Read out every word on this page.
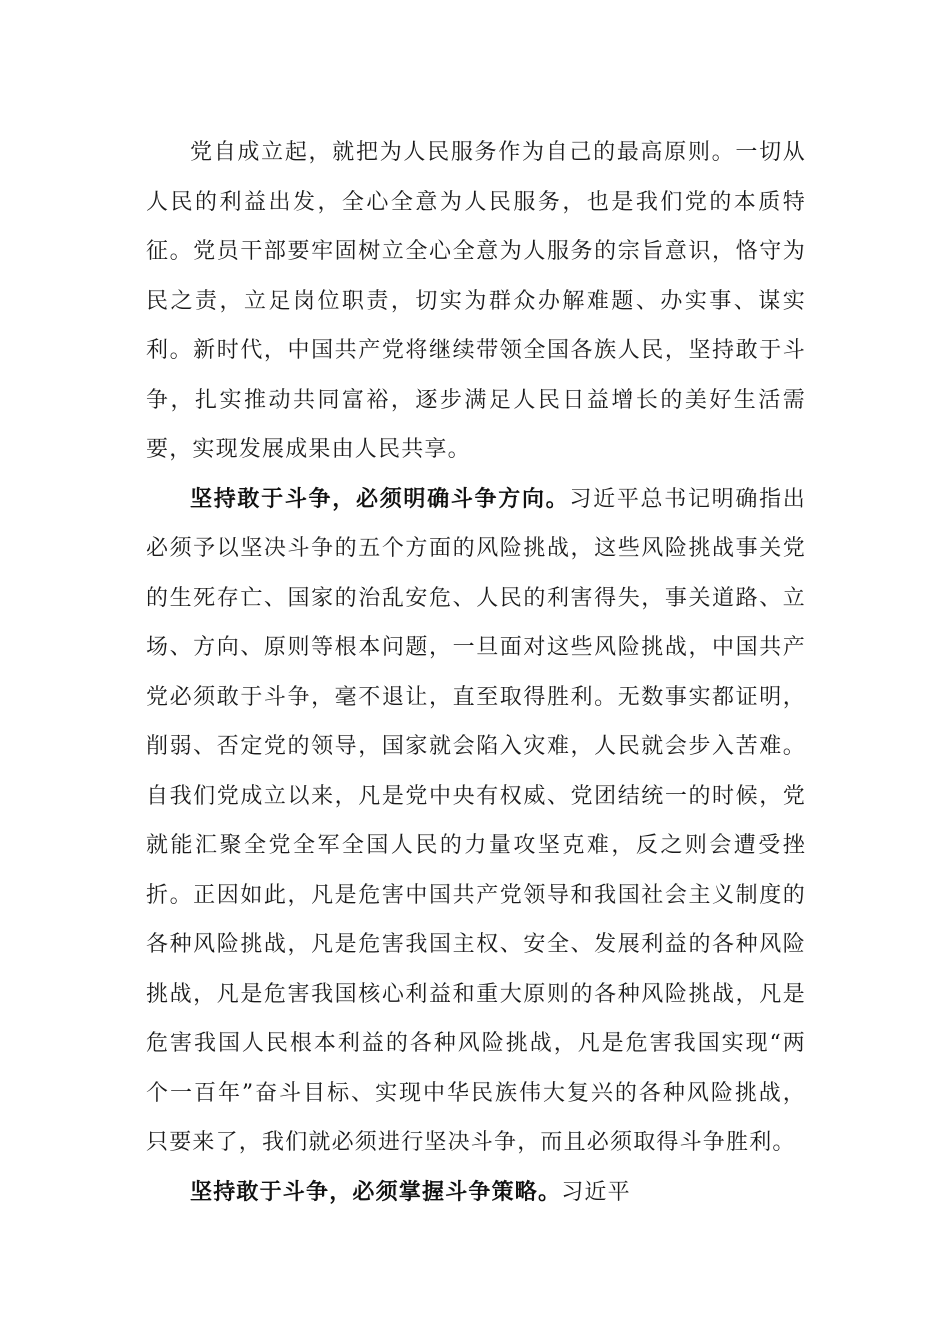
党自成立起，就把为人民服务作为自己的最高原则。一切从人民的利益出发，全心全意为人民服务，也是我们党的本质特征。党员干部要牢固树立全心全意为人服务的宗旨意识，恪守为民之责，立足岗位职责，切实为群众办解难题、办实事、谋实利。新时代，中国共产党将继续带领全国各族人民，坚持敢于斗争，扎实推动共同富裕，逐步满足人民日益增长的美好生活需要，实现发展成果由人民共享。

坚持敢于斗争，必须明确斗争方向。习近平总书记明确指出必须予以坚决斗争的五个方面的风险挑战，这些风险挑战事关党的生死存亡、国家的治乱安危、人民的利害得失，事关道路、立场、方向、原则等根本问题，一旦面对这些风险挑战，中国共产党必须敢于斗争，毫不退让，直至取得胜利。无数事实都证明，削弱、否定党的领导，国家就会陷入灾难，人民就会步入苦难。自我们党成立以来，凡是党中央有权威、党团结统一的时候，党就能汇聚全党全军全国人民的力量攻坚克难，反之则会遭受挫折。正因如此，凡是危害中国共产党领导和我国社会主义制度的各种风险挑战，凡是危害我国主权、安全、发展利益的各种风险挑战，凡是危害我国核心利益和重大原则的各种风险挑战，凡是危害我国人民根本利益的各种风险挑战，凡是危害我国实现“两个一百年”奋斗目标、实现中华民族伟大复兴的各种风险挑战，只要来了，我们就必须进行坚决斗争，而且必须取得斗争胜利。

坚持敢于斗争，必须掌握斗争策略。习近平
